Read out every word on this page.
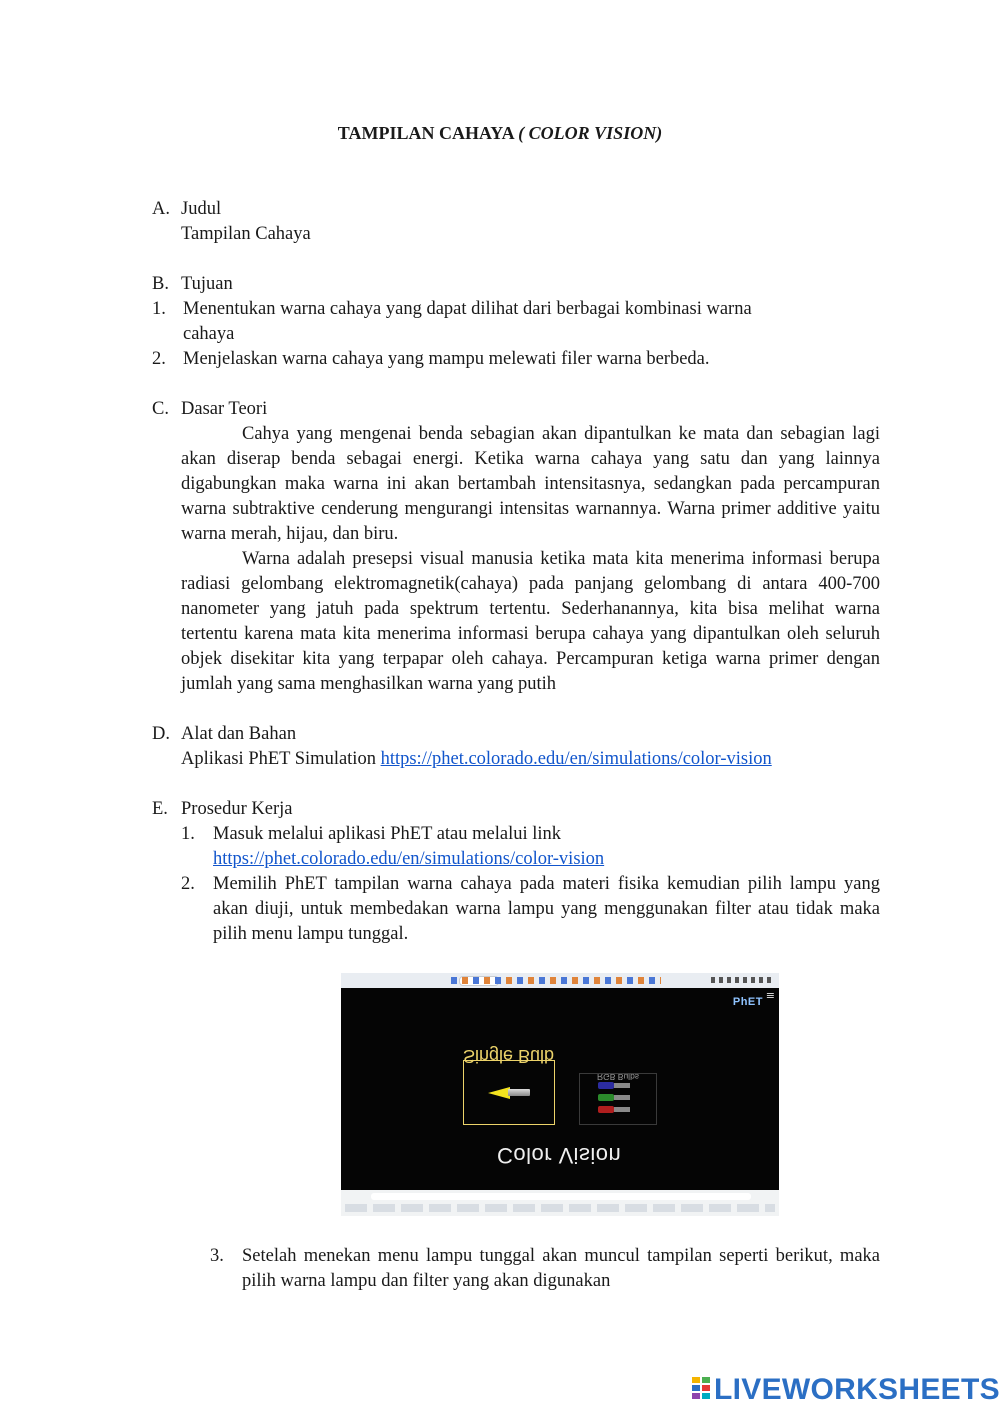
TAMPILAN CAHAYA ( COLOR VISION)
A. Judul
Tampilan Cahaya
B. Tujuan
1. Menentukan warna cahaya yang dapat dilihat dari berbagai kombinasi warna cahaya
2. Menjelaskan warna cahaya yang mampu melewati filer warna berbeda.
C. Dasar Teori

Cahya yang mengenai benda sebagian akan dipantulkan ke mata dan sebagian lagi akan diserap benda sebagai energi. Ketika warna cahaya yang satu dan yang lainnya digabungkan maka warna ini akan bertambah intensitasnya, sedangkan pada percampuran warna subtraktive cenderung mengurangi intensitas warnannya. Warna primer additive yaitu warna merah, hijau, dan biru.

Warna adalah presepsi visual manusia ketika mata kita menerima informasi berupa radiasi gelombang elektromagnetik(cahaya) pada panjang gelombang di antara 400-700 nanometer yang jatuh pada spektrum tertentu. Sederhanannya, kita bisa melihat warna tertentu karena mata kita menerima informasi berupa cahaya yang dipantulkan oleh seluruh objek disekitar kita yang terpapar oleh cahaya. Percampuran ketiga warna primer dengan jumlah yang sama menghasilkan warna yang putih

D. Alat dan Bahan
Aplikasi PhET Simulation https://phet.colorado.edu/en/simulations/color-vision
E. Prosedur Kerja
1. Masuk melalui aplikasi PhET atau melalui link
https://phet.colorado.edu/en/simulations/color-vision
2. Memilih PhET tampilan warna cahaya pada materi fisika kemudian pilih lampu yang akan diuji, untuk membedakan warna lampu yang menggunakan filter atau tidak maka pilih menu lampu tunggal.
PhET ≡
Single Bulb
RGB Bulbs
Color Vision
3. Setelah menekan menu lampu tunggal akan muncul tampilan seperti berikut, maka pilih warna lampu dan filter yang akan digunakan
LIVEWORKSHEETS
